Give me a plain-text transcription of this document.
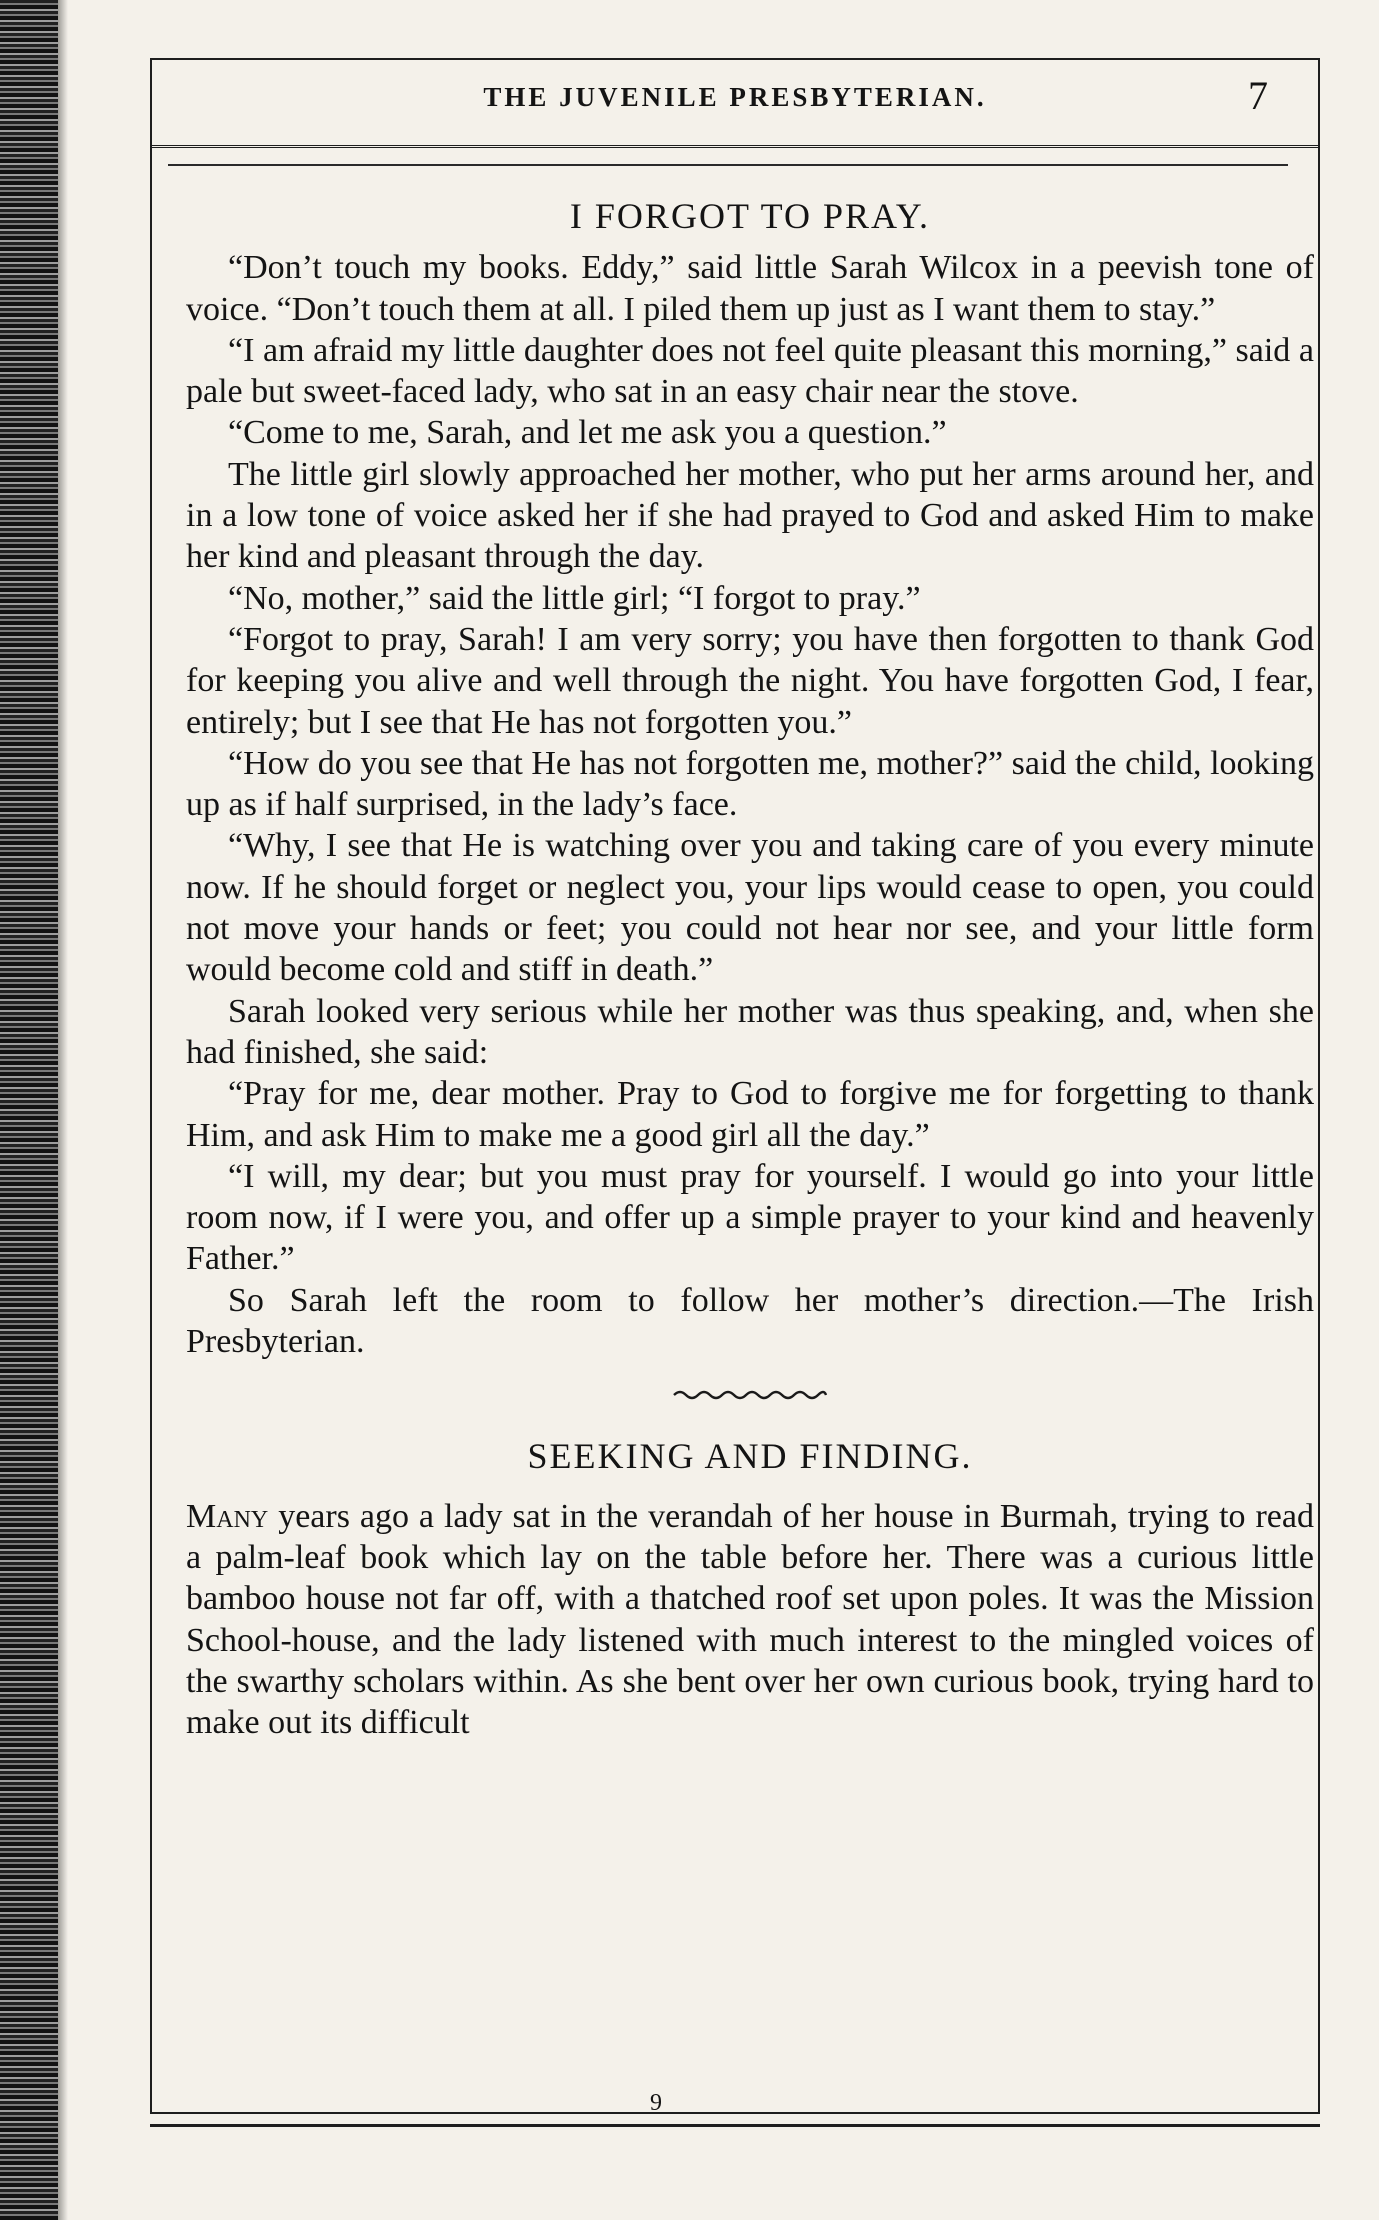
THE JUVENILE PRESBYTERIAN.	7
I FORGOT TO PRAY.

“Don’t touch my books. Eddy,” said little Sarah Wilcox in a peevish tone of voice. “Don’t touch them at all. I piled them up just as I want them to stay.”

“I am afraid my little daughter does not feel quite pleasant this morning,” said a pale but sweet-faced lady, who sat in an easy chair near the stove.

“Come to me, Sarah, and let me ask you a question.”

The little girl slowly approached her mother, who put her arms around her, and in a low tone of voice asked her if she had prayed to God and asked Him to make her kind and pleasant through the day.

“No, mother,” said the little girl; “I forgot to pray.”

“Forgot to pray, Sarah! I am very sorry; you have then forgotten to thank God for keeping you alive and well through the night. You have forgotten God, I fear, entirely; but I see that He has not forgotten you.”

“How do you see that He has not forgotten me, mother?” said the child, looking up as if half surprised, in the lady’s face.

“Why, I see that He is watching over you and taking care of you every minute now. If he should forget or neglect you, your lips would cease to open, you could not move your hands or feet; you could not hear nor see, and your little form would become cold and stiff in death.”

Sarah looked very serious while her mother was thus speaking, and, when she had finished, she said:

“Pray for me, dear mother. Pray to God to forgive me for forgetting to thank Him, and ask Him to make me a good girl all the day.”

“I will, my dear; but you must pray for yourself. I would go into your little room now, if I were you, and offer up a simple prayer to your kind and heavenly Father.”

So Sarah left the room to follow her mother’s direction.—The Irish Presbyterian.

SEEKING AND FINDING.

Many years ago a lady sat in the verandah of her house in Burmah, trying to read a palm-leaf book which lay on the table before her. There was a curious little bamboo house not far off, with a thatched roof set upon poles. It was the Mission School-house, and the lady listened with much interest to the mingled voices of the swarthy scholars within. As she bent over her own curious book, trying hard to make out its difficult

9
